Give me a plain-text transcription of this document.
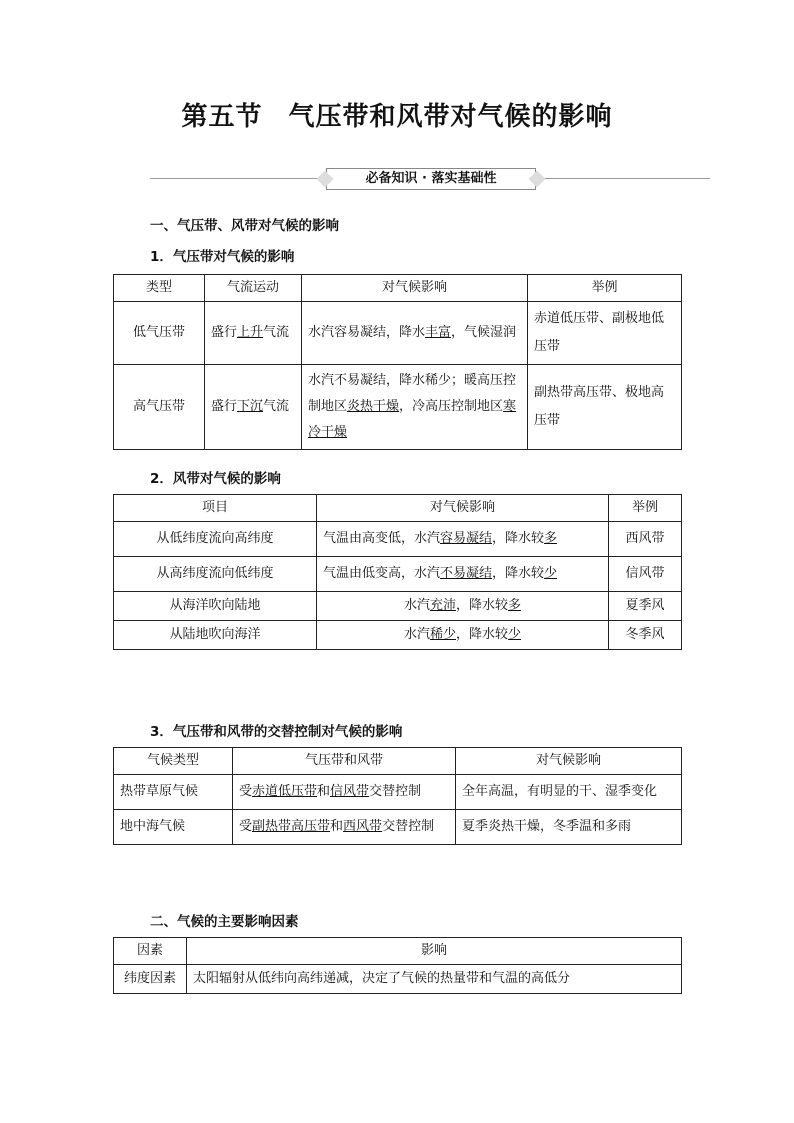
第五节 气压带和风带对气候的影响
必备知识 · 落实基础性
一、气压带、风带对气候的影响
1．气压带对气候的影响
类型	气流运动	对气候影响	举例
低气压带	盛行上升气流	水汽容易凝结，降水丰富，气候湿润	赤道低压带、副极地低压带
高气压带	盛行下沉气流	水汽不易凝结，降水稀少；暖高压控制地区炎热干燥，冷高压控制地区寒冷干燥	副热带高压带、极地高压带
2．风带对气候的影响
项目	对气候影响	举例
从低纬度流向高纬度	气温由高变低，水汽容易凝结，降水较多	西风带
从高纬度流向低纬度	气温由低变高，水汽不易凝结，降水较少	信风带
从海洋吹向陆地	水汽充沛，降水较多	夏季风
从陆地吹向海洋	水汽稀少，降水较少	冬季风
3．气压带和风带的交替控制对气候的影响
气候类型	气压带和风带	对气候影响
热带草原气候	受赤道低压带和信风带交替控制	全年高温，有明显的干、湿季变化
地中海气候	受副热带高压带和西风带交替控制	夏季炎热干燥，冬季温和多雨
二、气候的主要影响因素
因素	影响
纬度因素	太阳辐射从低纬向高纬递减，决定了气候的热量带和气温的高低分
